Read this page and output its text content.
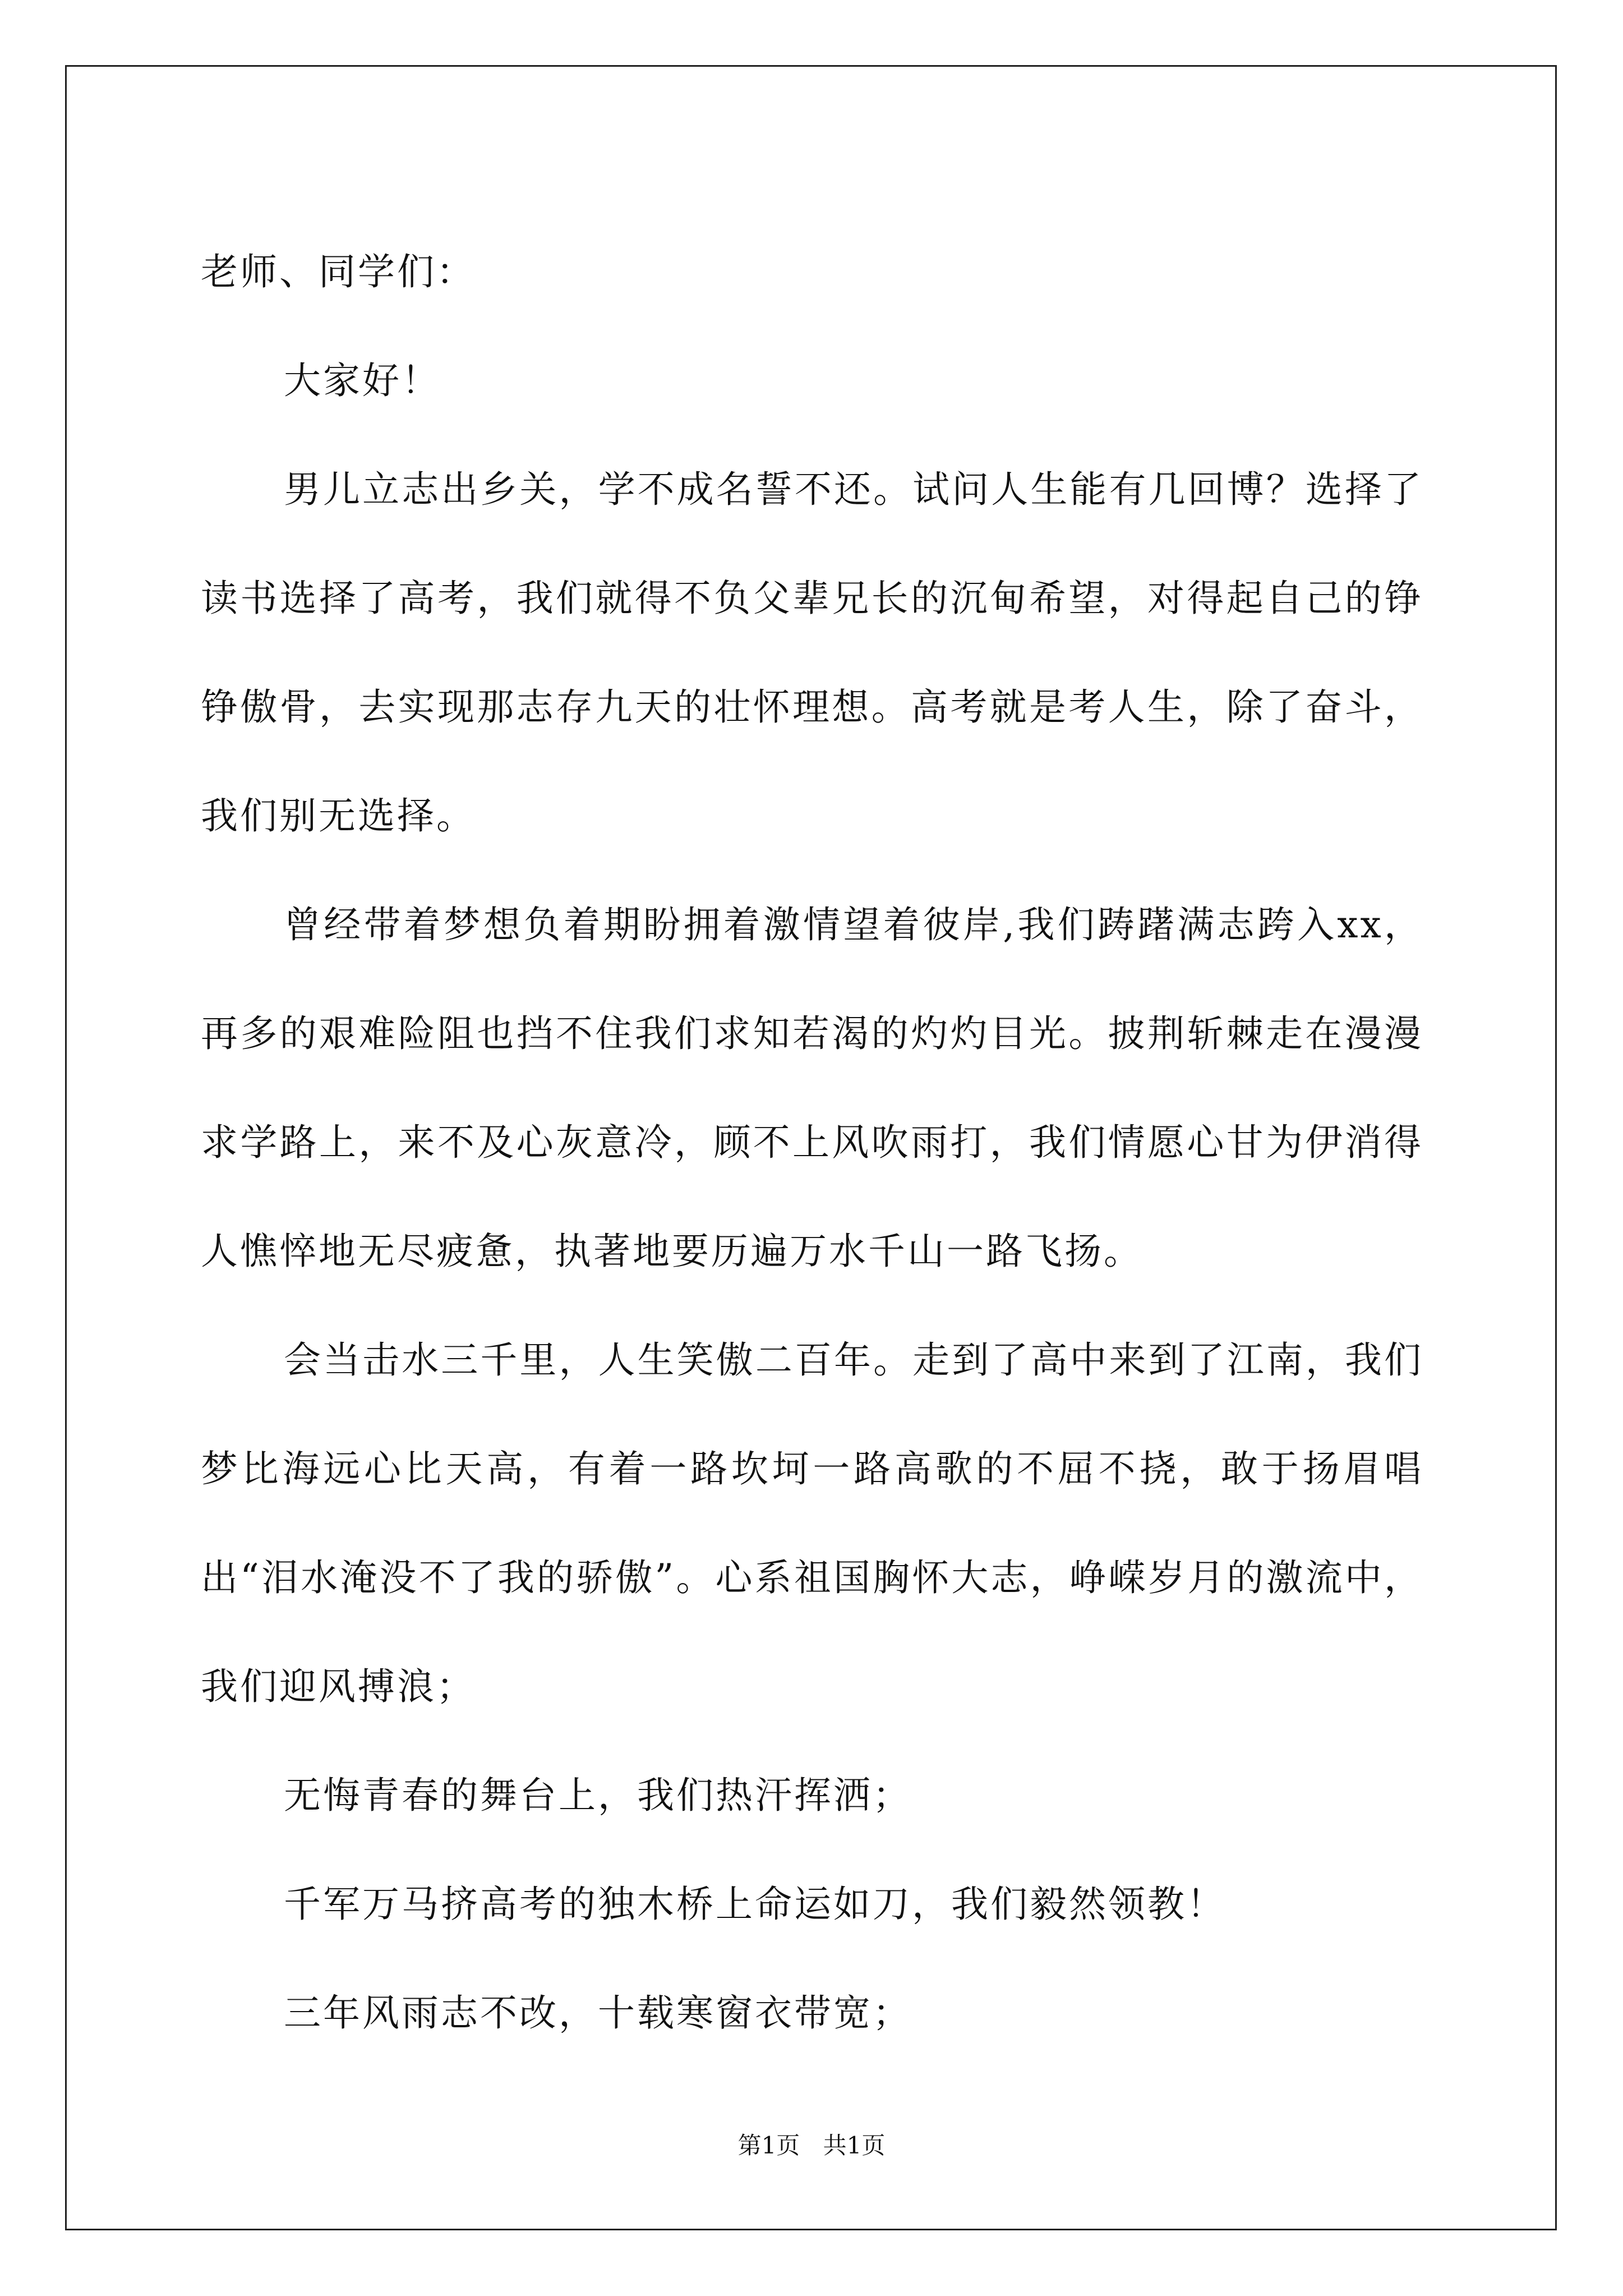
老师、同学们：

大家好！

男儿立志出乡关，学不成名誓不还。试问人生能有几回博？选择了读书选择了高考，我们就得不负父辈兄长的沉甸希望，对得起自己的铮铮傲骨，去实现那志存九天的壮怀理想。高考就是考人生，除了奋斗，我们别无选择。

曾经带着梦想负着期盼拥着激情望着彼岸,我们踌躇满志跨入xx，再多的艰难险阻也挡不住我们求知若渴的灼灼目光。披荆斩棘走在漫漫求学路上，来不及心灰意冷，顾不上风吹雨打，我们情愿心甘为伊消得人憔悴地无尽疲惫，执著地要历遍万水千山一路飞扬。

会当击水三千里，人生笑傲二百年。走到了高中来到了江南，我们梦比海远心比天高，有着一路坎坷一路高歌的不屈不挠，敢于扬眉唱出“泪水淹没不了我的骄傲”。心系祖国胸怀大志，峥嵘岁月的激流中，我们迎风搏浪；

无悔青春的舞台上，我们热汗挥洒；

千军万马挤高考的独木桥上命运如刀，我们毅然领教！

三年风雨志不改，十载寒窗衣带宽；

第1页 共1页
